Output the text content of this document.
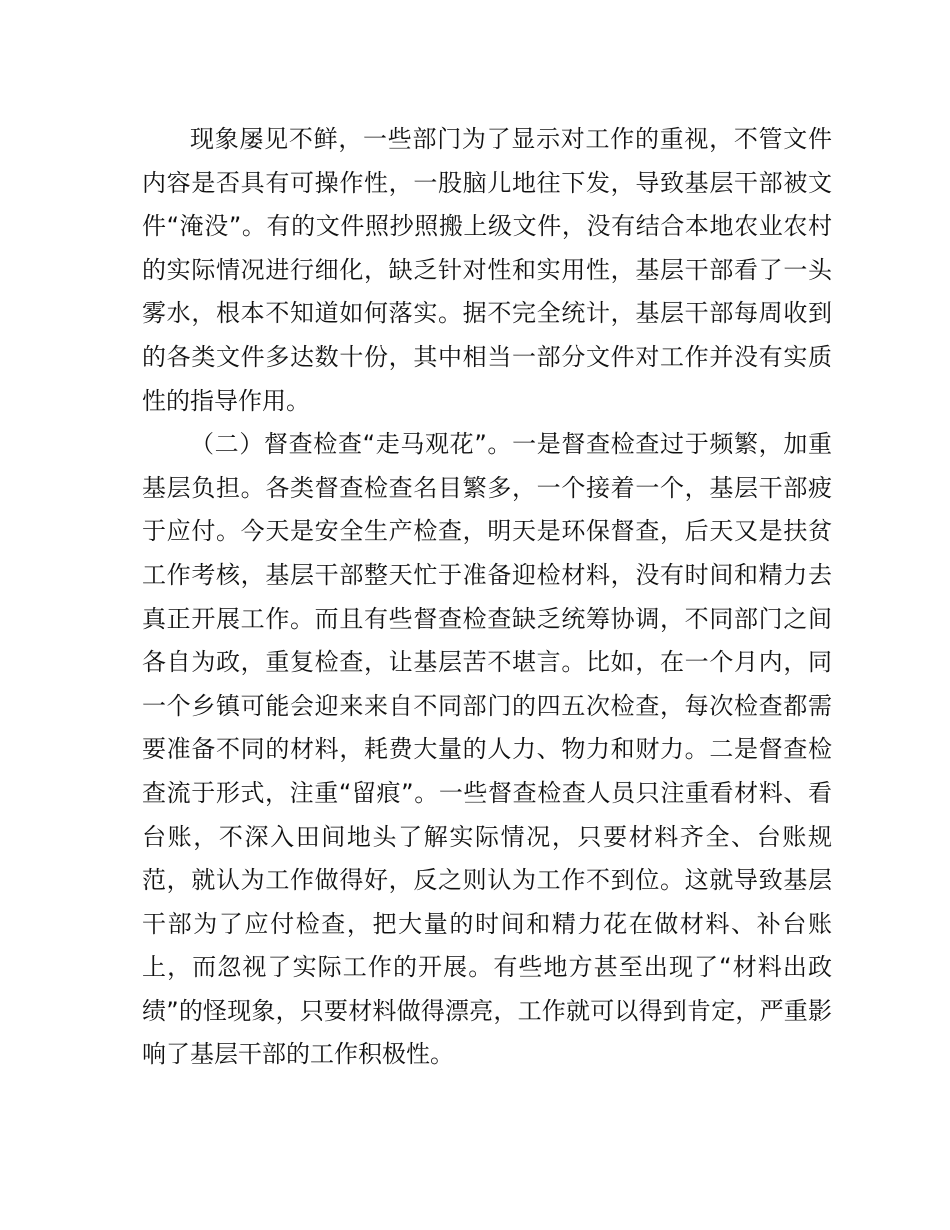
现象屡见不鲜，一些部门为了显示对工作的重视，不管文件内容是否具有可操作性，一股脑儿地往下发，导致基层干部被文件“淹没”。有的文件照抄照搬上级文件，没有结合本地农业农村的实际情况进行细化，缺乏针对性和实用性，基层干部看了一头雾水，根本不知道如何落实。据不完全统计，基层干部每周收到的各类文件多达数十份，其中相当一部分文件对工作并没有实质性的指导作用。

（二）督查检查“走马观花”。一是督查检查过于频繁，加重基层负担。各类督查检查名目繁多，一个接着一个，基层干部疲于应付。今天是安全生产检查，明天是环保督查，后天又是扶贫工作考核，基层干部整天忙于准备迎检材料，没有时间和精力去真正开展工作。而且有些督查检查缺乏统筹协调，不同部门之间各自为政，重复检查，让基层苦不堪言。比如，在一个月内，同一个乡镇可能会迎来来自不同部门的四五次检查，每次检查都需要准备不同的材料，耗费大量的人力、物力和财力。二是督查检查流于形式，注重“留痕”。一些督查检查人员只注重看材料、看台账，不深入田间地头了解实际情况，只要材料齐全、台账规范，就认为工作做得好，反之则认为工作不到位。这就导致基层干部为了应付检查，把大量的时间和精力花在做材料、补台账上，而忽视了实际工作的开展。有些地方甚至出现了“材料出政绩”的怪现象，只要材料做得漂亮，工作就可以得到肯定，严重影响了基层干部的工作积极性。
